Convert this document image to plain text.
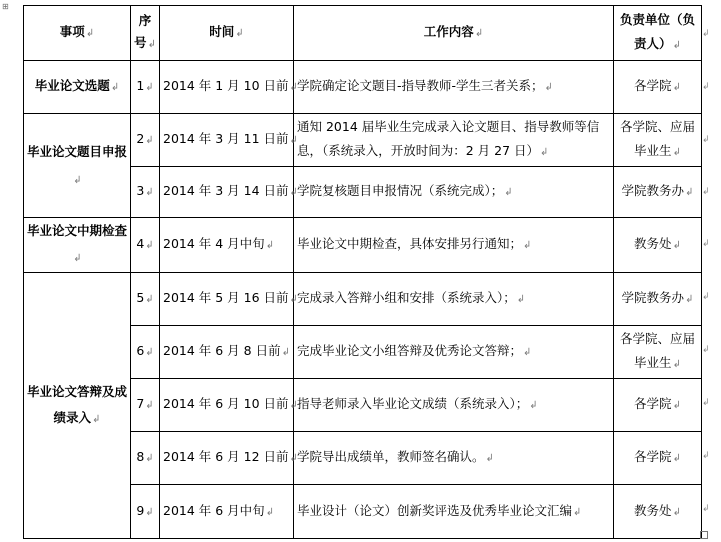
⊞
事项↲	序号↲	时间↲	工作内容↲	负责单位（负责人）↲
毕业论文选题↲	1↲	2014 年 1 月 10 日前↲	学院确定论文题目-指导教师-学生三者关系；↲	各学院↲
毕业论文题目申报↲	2↲	2014 年 3 月 11 日前↲	通知 2014 届毕业生完成录入论文题目、指导教师等信息，（系统录入，开放时间为：2 月 27 日）↲	各学院、应届毕业生↲
	3↲	2014 年 3 月 14 日前↲	学院复核题目申报情况（系统完成）；↲	学院教务办↲
毕业论文中期检查↲	4↲	2014 年 4 月中旬↲	毕业论文中期检查，具体安排另行通知；↲	教务处↲
毕业论文答辩及成绩录入↲	5↲	2014 年 5 月 16 日前↲	完成录入答辩小组和安排（系统录入）；↲	学院教务办↲
	6↲	2014 年 6 月 8 日前↲	完成毕业论文小组答辩及优秀论文答辩；↲	各学院、应届毕业生↲
	7↲	2014 年 6 月 10 日前↲	指导老师录入毕业论文成绩（系统录入）；↲	各学院↲
	8↲	2014 年 6 月 12 日前↲	学院导出成绩单，教师签名确认。↲	各学院↲
	9↲	2014 年 6 月中旬↲	毕业设计（论文）创新奖评选及优秀毕业论文汇编↲	教务处↲
↲
↲
↲
↲
↲
↲
↲
↲
↲
↲
